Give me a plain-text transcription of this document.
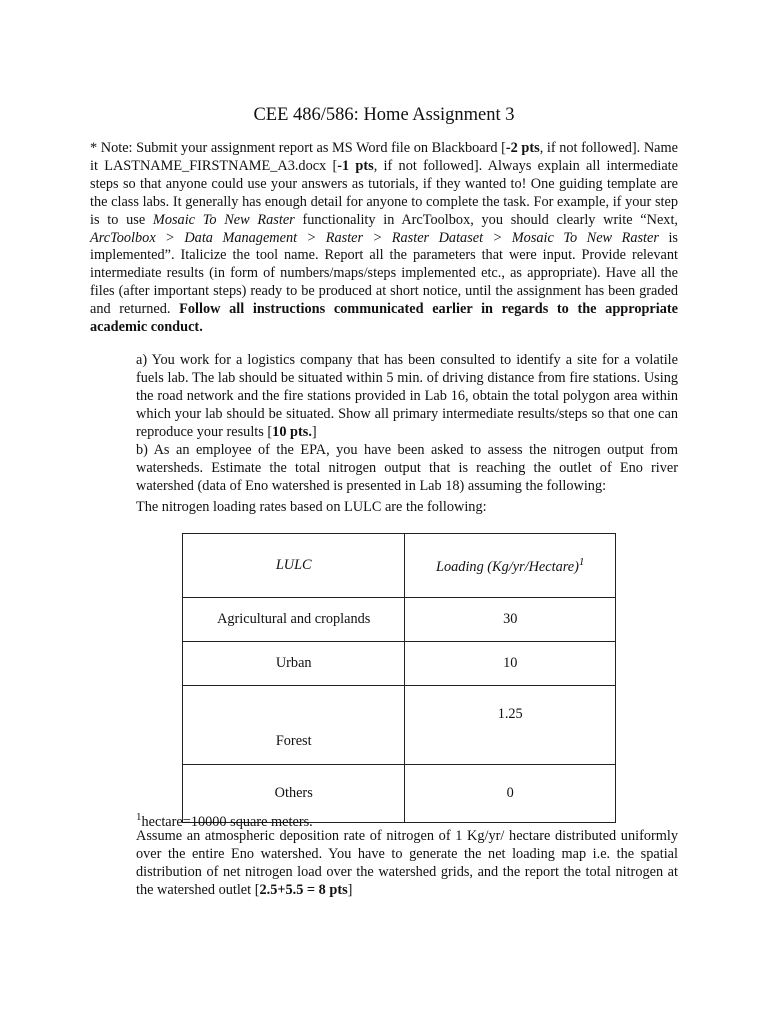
CEE 486/586: Home Assignment 3

* Note: Submit your assignment report as MS Word file on Blackboard [-2 pts, if not followed]. Name it LASTNAME_FIRSTNAME_A3.docx [-1 pts, if not followed]. Always explain all intermediate steps so that anyone could use your answers as tutorials, if they wanted to! One guiding template are the class labs. It generally has enough detail for anyone to complete the task. For example, if your step is to use Mosaic To New Raster functionality in ArcToolbox, you should clearly write “Next, ArcToolbox > Data Management > Raster > Raster Dataset > Mosaic To New Raster is implemented”. Italicize the tool name. Report all the parameters that were input. Provide relevant intermediate results (in form of numbers/maps/steps implemented etc., as appropriate). Have all the files (after important steps) ready to be produced at short notice, until the assignment has been graded and returned. Follow all instructions communicated earlier in regards to the appropriate academic conduct.

a) You work for a logistics company that has been consulted to identify a site for a volatile fuels lab. The lab should be situated within 5 min. of driving distance from fire stations. Using the road network and the fire stations provided in Lab 16, obtain the total polygon area within which your lab should be situated. Show all primary intermediate results/steps so that one can reproduce your results [10 pts.]

b) As an employee of the EPA, you have been asked to assess the nitrogen output from watersheds. Estimate the total nitrogen output that is reaching the outlet of Eno river watershed (data of Eno watershed is presented in Lab 18) assuming the following:

The nitrogen loading rates based on LULC are the following:

LULC	Loading (Kg/yr/Hectare)$^1$
Agricultural and croplands	30
Urban	10
Forest	1.25
Others	0
$^1$hectare=10000 square meters.

Assume an atmospheric deposition rate of nitrogen of 1 Kg/yr/ hectare distributed uniformly over the entire Eno watershed. You have to generate the net loading map i.e. the spatial distribution of net nitrogen load over the watershed grids, and the report the total nitrogen at the watershed outlet [2.5+5.5 = 8 pts]
